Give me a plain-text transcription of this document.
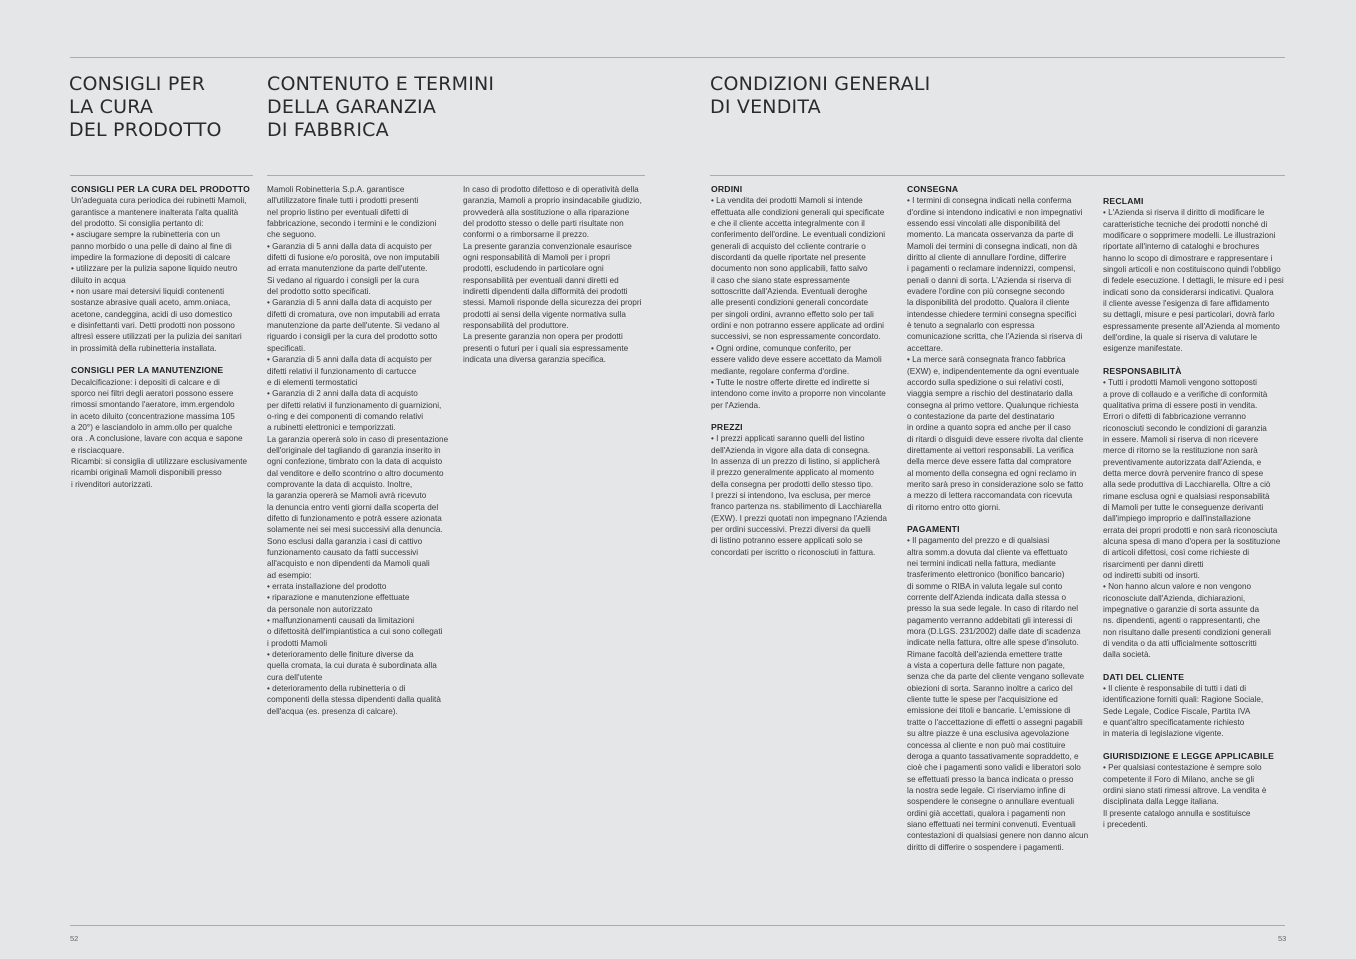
CONSIGLI PER
LA CURA
DEL PRODOTTO
CONTENUTO E TERMINI
DELLA GARANZIA
DI FABBRICA
CONDIZIONI GENERALI
DI VENDITA

CONSIGLI PER LA CURA DEL PRODOTTO

Un'adeguata cura periodica dei rubinetti Mamoli,
garantisce a mantenere inalterata l'alta qualità
del prodotto. Si consiglia pertanto di:
• asciugare sempre la rubinetteria con un
panno morbido o una pelle di daino al fine di
impedire la formazione di depositi di calcare
• utilizzare per la pulizia sapone liquido neutro
diluito in acqua
• non usare mai detersivi liquidi contenenti
sostanze abrasive quali aceto, amm.oniaca,
acetone, candeggina, acidi di uso domestico
e disinfettanti vari. Detti prodotti non possono
altresì essere utilizzati per la pulizia dei sanitari
in prossimità della rubinetteria installata.

CONSIGLI PER LA MANUTENZIONE

Decalcificazione: i depositi di calcare e di
sporco nei filtri degli aeratori possono essere
rimossi smontando l'aeratore, imm.ergendolo
in aceto diluito (concentrazione massima 105
a 20°) e lasciandolo in amm.ollo per qualche
ora . A conclusione, lavare con acqua e sapone
e risciacquare.
Ricambi: si consiglia di utilizzare esclusivamente
ricambi originali Mamoli disponibili presso
i rivenditori autorizzati.

Mamoli Robinetteria S.p.A. garantisce
all'utilizzatore finale tutti i prodotti presenti
nel proprio listino per eventuali difetti di
fabbricazione, secondo i termini e le condizioni
che seguono.
• Garanzia di 5 anni dalla data di acquisto per
difetti di fusione e/o porosità, ove non imputabili
ad errata manutenzione da parte dell'utente.
Si vedano al riguardo i consigli per la cura
del prodotto sotto specificati.
• Garanzia di 5 anni dalla data di acquisto per
difetti di cromatura, ove non imputabili ad errata
manutenzione da parte dell'utente. Si vedano al
riguardo i consigli per la cura del prodotto sotto
specificati.
• Garanzia di 5 anni dalla data di acquisto per
difetti relativi il funzionamento di cartucce
e di elementi termostatici
• Garanzia di 2 anni dalla data di acquisto
per difetti relativi il funzionamento di guarnizioni,
o-ring e dei componenti di comando relativi
a rubinetti elettronici e temporizzati.
La garanzia opererà solo in caso di presentazione
dell'originale del tagliando di garanzia inserito in
ogni confezione, timbrato con la data di acquisto
dal venditore e dello scontrino o altro documento
comprovante la data di acquisto. Inoltre,
la garanzia opererà se Mamoli avrà ricevuto
la denuncia entro venti giorni dalla scoperta del
difetto di funzionamento e potrà essere azionata
solamente nei sei mesi successivi alla denuncia.
Sono esclusi dalla garanzia i casi di cattivo
funzionamento causato da fatti successivi
all'acquisto e non dipendenti da Mamoli quali
ad esempio:
• errata installazione del prodotto
• riparazione e manutenzione effettuate
da personale non autorizzato
• malfunzionamenti causati da limitazioni
o difettosità dell'impiantistica a cui sono collegati
i prodotti Mamoli
• deterioramento delle finiture diverse da
quella cromata, la cui durata è subordinata alla
cura dell'utente
• deterioramento della rubinetteria o di
componenti della stessa dipendenti dalla qualità
dell'acqua (es. presenza di calcare).

In caso di prodotto difettoso e di operatività della
garanzia, Mamoli a proprio insindacabile giudizio,
provvederà alla sostituzione o alla riparazione
del prodotto stesso o delle parti risultate non
conformi o a rimborsarne il prezzo.
La presente garanzia convenzionale esaurisce
ogni responsabilità di Mamoli per i propri
prodotti, escludendo in particolare ogni
responsabilità per eventuali danni diretti ed
indiretti dipendenti dalla difformità dei prodotti
stessi. Mamoli risponde della sicurezza dei propri
prodotti ai sensi della vigente normativa sulla
responsabilità del produttore.
La presente garanzia non opera per prodotti
presenti o futuri per i quali sia espressamente
indicata una diversa garanzia specifica.

ORDINI

• La vendita dei prodotti Mamoli si intende
effettuata alle condizioni generali qui specificate
e che il cliente accetta integralmente con il
conferimento dell'ordine. Le eventuali condizioni
generali di acquisto del ccliente contrarie o
discordanti da quelle riportate nel presente
documento non sono applicabili, fatto salvo
il caso che siano state espressamente
sottoscritte dall'Azienda. Eventuali deroghe
alle presenti condizioni generali concordate
per singoli ordini, avranno effetto solo per tali
ordini e non potranno essere applicate ad ordini
successivi, se non espressamente concordato.
• Ogni ordine, comunque conferito, per
essere valido deve essere accettato da Mamoli
mediante, regolare conferma d'ordine.
• Tutte le nostre offerte dirette ed indirette si
intendono come invito a proporre non vincolante
per l'Azienda.

PREZZI

• I prezzi applicati saranno quelli del listino
dell'Azienda in vigore alla data di consegna.
In assenza di un prezzo di listino, si applicherà
il prezzo generalmente applicato al momento
della consegna per prodotti dello stesso tipo.
I prezzi si intendono, Iva esclusa, per merce
franco partenza ns. stabilimento di Lacchiarella
(EXW). I prezzi quotati non impegnano l'Azienda
per ordini successivi. Prezzi diversi da quelli
di listino potranno essere applicati solo se
concordati per iscritto o riconosciuti in fattura.

CONSEGNA

• I termini di consegna indicati nella conferma
d'ordine si intendono indicativi e non impegnativi
essendo essi vincolati alle disponibilità del
momento. La mancata osservanza da parte di
Mamoli dei termini di consegna indicati, non dà
diritto al cliente di annullare l'ordine, differire
i pagamenti o reclamare indennizzi, compensi,
penali o danni di sorta. L'Azienda si riserva di
evadere l'ordine con più consegne secondo
la disponibilità del prodotto. Qualora il cliente
intendesse chiedere termini consegna specifici
è tenuto a segnalarlo con espressa
comunicazione scritta, che l'Azienda si riserva di
accettare.
• La merce sarà consegnata franco fabbrica
(EXW) e, indipendentemente da ogni eventuale
accordo sulla spedizione o sui relativi costi,
viaggia sempre a rischio del destinatario dalla
consegna al primo vettore. Qualunque richiesta
o contestazione da parte del destinatario
in ordine a quanto sopra ed anche per il caso
di ritardi o disguidi deve essere rivolta dal cliente
direttamente ai vettori responsabili. La verifica
della merce deve essere fatta dal compratore
al momento della consegna ed ogni reclamo in
merito sarà preso in considerazione solo se fatto
a mezzo di lettera raccomandata con ricevuta
di ritorno entro otto giorni.

PAGAMENTI

• Il pagamento del prezzo e di qualsiasi
altra somm.a dovuta dal cliente va effettuato
nei termini indicati nella fattura, mediante
trasferimento elettronico (bonifico bancario)
di somme o RIBA in valuta legale sul conto
corrente dell'Azienda indicata dalla stessa o
presso la sua sede legale. In caso di ritardo nel
pagamento verranno addebitati gli interessi di
mora (D.LGS. 231/2002) dalle date di scadenza
indicate nella fattura, oltre alle spese d'insoluto.
Rimane facoltà dell'azienda emettere tratte
a vista a copertura delle fatture non pagate,
senza che da parte del cliente vengano sollevate
obiezioni di sorta. Saranno inoltre a carico del
cliente tutte le spese per l'acquisizione ed
emissione dei titoli e bancarie. L'emissione di
tratte o l'accettazione di effetti o assegni pagabili
su altre piazze è una esclusiva agevolazione
concessa al cliente e non può mai costituire
deroga a quanto tassativamente sopraddetto, e
cioè che i pagamenti sono validi e liberatori solo
se effettuati presso la banca indicata o presso
la nostra sede legale. Ci riserviamo infine di
sospendere le consegne o annullare eventuali
ordini già accettati, qualora i pagamenti non
siano effettuati nei termini convenuti. Eventuali
contestazioni di qualsiasi genere non danno alcun
diritto di differire o sospendere i pagamenti.

RECLAMI

• L'Azienda si riserva il diritto di modificare le
caratteristiche tecniche dei prodotti nonché di
modificare o sopprimere modelli. Le illustrazioni
riportate all'interno di cataloghi e brochures
hanno lo scopo di dimostrare e rappresentare i
singoli articoli e non costituiscono quindi l'obbligo
di fedele esecuzione. I dettagli, le misure ed i pesi
indicati sono da considerarsi indicativi. Qualora
il cliente avesse l'esigenza di fare affidamento
su dettagli, misure e pesi particolari, dovrà farlo
espressamente presente all'Azienda al momento
dell'ordine, la quale si riserva di valutare le
esigenze manifestate.

RESPONSABILITÀ

• Tutti i prodotti Mamoli vengono sottoposti
a prove di collaudo e a verifiche di conformità
qualitativa prima di essere posti in vendita.
Errori o difetti di fabbricazione verranno
riconosciuti secondo le condizioni di garanzia
in essere. Mamoli si riserva di non ricevere
merce di ritorno se la restituzione non sarà
preventivamente autorizzata dall'Azienda, e
detta merce dovrà pervenire franco di spese
alla sede produttiva di Lacchiarella. Oltre a ciò
rimane esclusa ogni e qualsiasi responsabilità
di Mamoli per tutte le conseguenze derivanti
dall'impiego improprio e dall'installazione
errata dei propri prodotti e non sarà riconosciuta
alcuna spesa di mano d'opera per la sostituzione
di articoli difettosi, così come richieste di
risarcimenti per danni diretti
od indiretti subiti od insorti.
• Non hanno alcun valore e non vengono
riconosciute dall'Azienda, dichiarazioni,
impegnative o garanzie di sorta assunte da
ns. dipendenti, agenti o rappresentanti, che
non risultano dalle presenti condizioni generali
di vendita o da atti ufficialmente sottoscritti
dalla società.

DATI DEL CLIENTE

• Il cliente è responsabile di tutti i dati di
identificazione forniti quali: Ragione Sociale,
Sede Legale, Codice Fiscale, Partita IVA
e quant'altro specificatamente richiesto
in materia di legislazione vigente.

GIURISDIZIONE E LEGGE APPLICABILE

• Per qualsiasi contestazione è sempre solo
competente il Foro di Milano, anche se gli
ordini siano stati rimessi altrove. La vendita è
disciplinata dalla Legge italiana.
Il presente catalogo annulla e sostituisce
i precedenti.

52	53
